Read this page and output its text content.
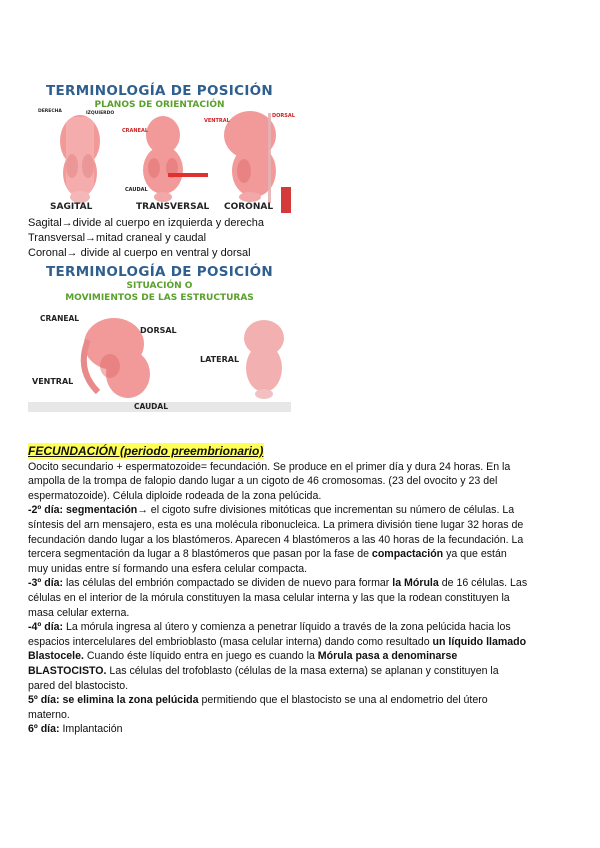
TERMINOLOGÍA DE POSICIÓN
PLANOS DE ORIENTACIÓN
DERECHA	IZQUIERDO
CRANEAL
CAUDAL
VENTRAL
DORSAL
SAGITAL	TRANSVERSAL CORONAL
Sagital→divide al cuerpo en izquierda y derecha
Transversal→mitad craneal y caudal
Coronal→ divide al cuerpo en ventral y dorsal
TERMINOLOGÍA DE POSICIÓN
SITUACIÓN O
MOVIMIENTOS DE LAS ESTRUCTURAS
CRANEAL
DORSAL
VENTRAL
LATERAL
CAUDAL

FECUNDACIÓN (periodo preembrionario)

Oocito secundario + espermatozoide= fecundación. Se produce en el primer día y dura 24 horas. En la ampolla de la trompa de falopio dando lugar a un cigoto de 46 cromosomas. (23 del ovocito y 23 del espermatozoide). Célula diploide rodeada de la zona pelúcida.

-2º día: segmentación→ el cigoto sufre divisiones mitóticas que incrementan su número de células. La síntesis del arn mensajero, esta es una molécula ribonucleica. La primera división tiene lugar 32 horas de fecundación dando lugar a los blastómeros. Aparecen 4 blastómeros a las 40 horas de la fecundación. La tercera segmentación da lugar a 8 blastómeros que pasan por la fase de compactación ya que están muy unidas entre sí formando una esfera celular compacta.

-3º día: las células del embrión compactado se dividen de nuevo para formar la Mórula de 16 células. Las células en el interior de la mórula constituyen la masa celular interna y las que la rodean constituyen la masa celular externa.

-4º día: La mórula ingresa al útero y comienza a penetrar líquido a través de la zona pelúcida hacia los espacios intercelulares del embrioblasto (masa celular interna) dando como resultado un líquido llamado Blastocele. Cuando éste líquido entra en juego es cuando la Mórula pasa a denominarse BLASTOCISTO. Las células del trofoblasto (células de la masa externa) se aplanan y constituyen la pared del blastocisto.

5º día: se elimina la zona pelúcida permitiendo que el blastocisto se una al endometrio del útero materno.

6º día: Implantación
